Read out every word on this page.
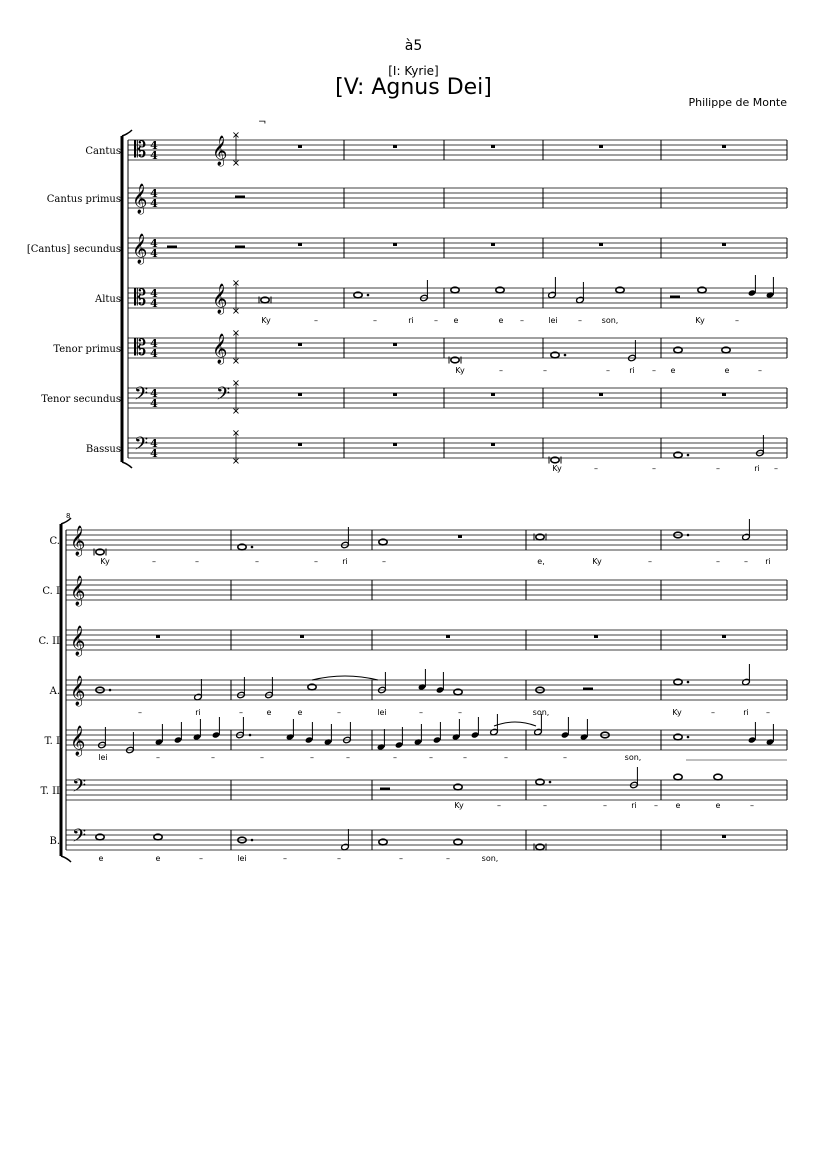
à5
[I: Kyrie]
[V: Agnus Dei]
Philippe de Monte
𝄡 4
4
Cantus
𝄞 4
4
Cantus primus
𝄞 4
4
[Cantus] secundus
𝄡 4
4
Altus
𝄡 4
4
Tenor primus
𝄢 4
4
Tenor secundus
𝄢 4
4
Bassus
𝄞
𝄞
𝄞
𝄢
×
×
×
×
×
×
×
×
×
×
¬
Ky	–	–	ri	– e	e –	lei	– son,	Ky	–
Ky	–	–	– ri – e	e	–
Ky	–	–	–	ri –
8
𝄞
C.
𝄞
C. I
𝄞
C. II
𝄞
A.
𝄞
T. I
𝄢
T. II
𝄢
B.
Ky	–	–	–	–	ri	–	e,	Ky	–	–	– ri
–	ri	–	e	e	–	lei	–	–	son,	Ky	–	ri –
lei	–	–	–	–	–	–	–	–	–	–	son,
Ky	–	–	–	ri – e	e	–
e	e	–	lei	–	–	–	–	son,
